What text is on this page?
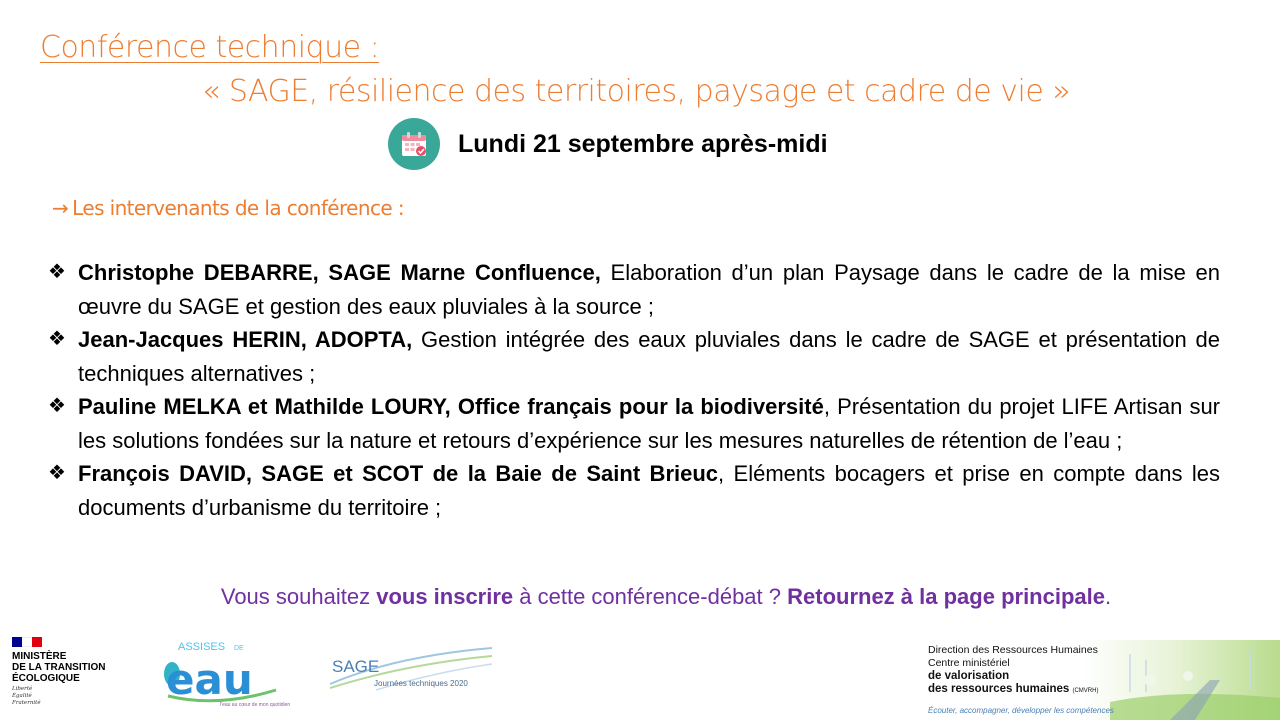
Conférence technique :
« SAGE, résilience des territoires, paysage et cadre de vie »
Lundi 21 septembre après-midi
→ Les intervenants de la conférence :
❖ Christophe DEBARRE, SAGE Marne Confluence, Elaboration d’un plan Paysage dans le cadre de la mise en œuvre du SAGE et gestion des eaux pluviales à la source ;
❖ Jean-Jacques HERIN, ADOPTA, Gestion intégrée des eaux pluviales dans le cadre de SAGE et présentation de techniques alternatives ;
❖ Pauline MELKA et Mathilde LOURY, Office français pour la biodiversité, Présentation du projet LIFE Artisan sur les solutions fondées sur la nature et retours d’expérience sur les mesures naturelles de rétention de l’eau ;
❖ François DAVID, SAGE et SCOT de la Baie de Saint Brieuc, Eléments bocagers et prise en compte dans les documents d’urbanisme du territoire ;
Vous souhaitez vous inscrire à cette conférence-débat ? Retournez à la page principale.
MINISTÈRE
DE LA TRANSITION
ÉCOLOGIQUE
Liberté
Égalité
Fraternité
ASSISES DE
eau
l'eau au cœur de mon quotidien
SAGE
Journées techniques 2020
Direction des Ressources Humaines
Centre ministériel
de valorisation
des ressources humaines (CMVRH)
Écouter, accompagner, développer les compétences
